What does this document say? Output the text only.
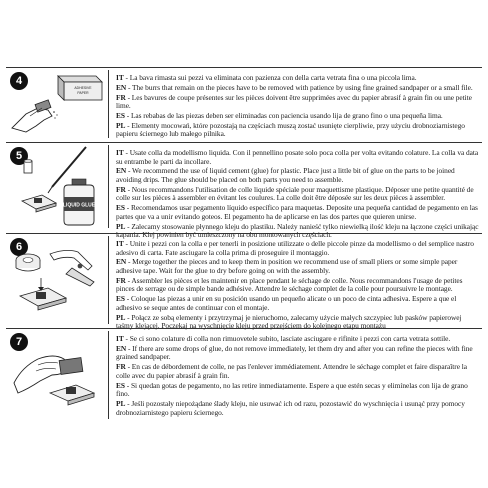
4
ADHESIVE
PAPER

IT - La bava rimasta sui pezzi va eliminata con pazienza con della carta vetrata fina o una piccola lima.

EN - The burrs that remain on the pieces have to be removed with patience by using fine grained sandpaper or a small file.

FR - Les bavures de coupe présentes sur les pièces doivent être supprimées avec du papier abrasif à grain fin ou une petite lime.

ES - Las rebabas de las piezas deben ser eliminadas con paciencia usando lija de grano fino o una pequeña lima.

PL - Elementy mocowań, które pozostają na częściach muszą zostać usunięte cierpliwie, przy użyciu drobnoziarnistego papieru ściernego lub małego pilnika.

5
LIQUID GLUE

IT - Usate colla da modellismo liquida. Con il pennellino posate solo poca colla per volta evitando colature. La colla va data su entrambe le parti da incollare.

EN - We recommend the use of liquid cement (glue) for plastic. Place just a little bit of glue on the parts to be joined avoiding drips. The glue should be placed on both parts you need to assemble.

FR - Nous recommandons l'utilisation de colle liquide spéciale pour maquettisme plastique. Déposer une petite quantité de colle sur les pièces à assembler en évitant les coulures. La colle doit être déposée sur les deux pièces à assembler.

ES - Recomendamos usar pegamento líquido específico para maquetas. Deposite una pequeña cantidad de pegamento en las partes que va a unir evitando goteos. El pegamento ha de aplicarse en las dos partes que quieren unirse.

PL - Zalecamy stosowanie płynnego kleju do plastiku. Należy nanieść tylko niewielką ilość kleju na łączone części unikając kapania. Klej powinien być umieszczony na obu montowanych częściach.

6	IT - Unite i pezzi con la colla e per tenerli in posizione utilizzate o delle piccole pinze da modellismo o del semplice nastro adesivo di carta. Fate asciugare la colla prima di proseguire il montaggio.

EN - Merge together the pieces and to keep them in position we recommend use of small pliers or some simple paper adhesive tape. Wait for the glue to dry before going on with the assembly.

FR - Assembler les pièces et les maintenir en place pendant le séchage de colle. Nous recommandons l'usage de petites pinces de serrage ou de simple bande adhésive. Attendre le séchage complet de la colle pour poursuivre le montage.

ES - Coloque las piezas a unir en su posición usando un pequeño alicate o un poco de cinta adhesiva. Espere a que el adhesivo se seque antes de continuar con el montaje.

PL - Połącz ze sobą elementy i przytrzymaj je nieruchomo, zalecamy użycie małych szczypiec lub pasków papierowej taśmy klejącej. Poczekaj na wyschnięcie kleju przed przejściem do kolejnego etapu montażu

7	IT - Se ci sono colature di colla non rimuovetele subito, lasciate asciugare e rifinite i pezzi con carta vetrata sottile.

EN - If there are some drops of glue, do not remove immediately, let them dry and after you can refine the pieces with fine grained sandpaper.

FR - En cas de débordement de colle, ne pas l'enlever immédiatement. Attendre le séchage complet et faire disparaître la colle avec du papier abrasif à grain fin.

ES - Si quedan gotas de pegamento, no las retire inmediatamente. Espere a que estén secas y elimínelas con lija de grano fino.

PL - Jeśli pozostały niepożądane ślady kleju, nie usuwać ich od razu, pozostawić do wyschnięcia i usunąć przy pomocy drobnoziarnistego papieru ściernego.
